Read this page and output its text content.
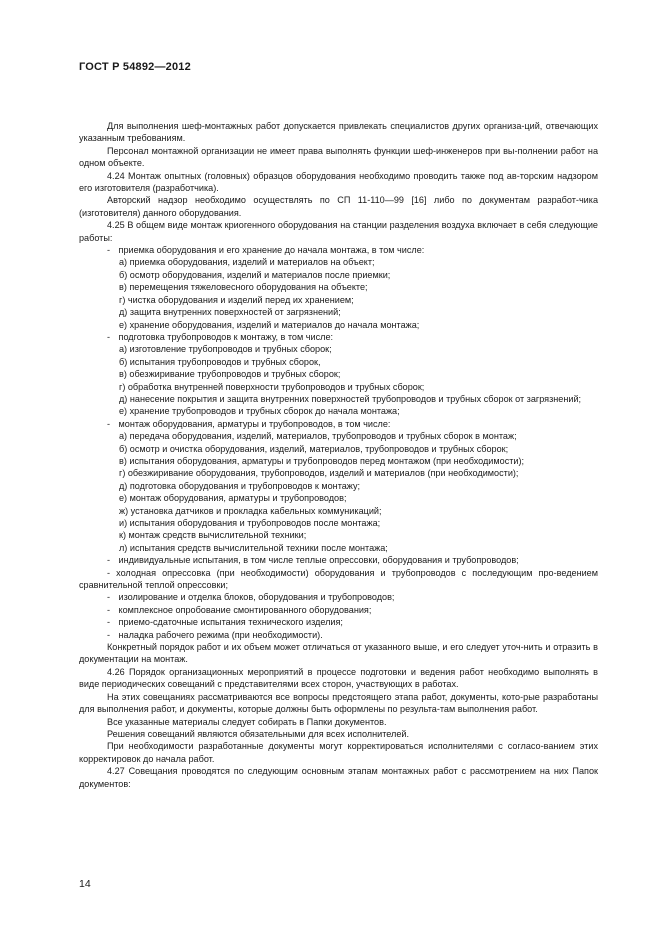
ГОСТ Р 54892—2012

Для выполнения шеф-монтажных работ допускается привлекать специалистов других организа-ций, отвечающих указанным требованиям.

Персонал монтажной организации не имеет права выполнять функции шеф-инженеров при вы-полнении работ на одном объекте.

4.24 Монтаж опытных (головных) образцов оборудования необходимо проводить также под ав-торским надзором его изготовителя (разработчика).

Авторский надзор необходимо осуществлять по СП 11-110—99 [16] либо по документам разработ-чика (изготовителя) данного оборудования.

4.25 В общем виде монтаж криогенного оборудования на станции разделения воздуха включает в себя следующие работы:

- приемка оборудования и его хранение до начала монтажа, в том числе:

а) приемка оборудования, изделий и материалов на объект;

б) осмотр оборудования, изделий и материалов после приемки;

в) перемещения тяжеловесного оборудования на объекте;

г) чистка оборудования и изделий перед их хранением;

д) защита внутренних поверхностей от загрязнений;

е) хранение оборудования, изделий и материалов до начала монтажа;

- подготовка трубопроводов к монтажу, в том числе:

а) изготовление трубопроводов и трубных сборок;

б) испытания трубопроводов и трубных сборок,

в) обезжиривание трубопроводов и трубных сборок;

г) обработка внутренней поверхности трубопроводов и трубных сборок;

д) нанесение покрытия и защита внутренних поверхностей трубопроводов и трубных сборок от загрязнений;

е) хранение трубопроводов и трубных сборок до начала монтажа;

- монтаж оборудования, арматуры и трубопроводов, в том числе:

а) передача оборудования, изделий, материалов, трубопроводов и трубных сборок в монтаж;

б) осмотр и очистка оборудования, изделий, материалов, трубопроводов и трубных сборок;

в) испытания оборудования, арматуры и трубопроводов перед монтажом (при необходимости);

г) обезжиривание оборудования, трубопроводов, изделий и материалов (при необходимости);

д) подготовка оборудования и трубопроводов к монтажу;

е) монтаж оборудования, арматуры и трубопроводов;

ж) установка датчиков и прокладка кабельных коммуникаций;

и) испытания оборудования и трубопроводов после монтажа;

к) монтаж средств вычислительной техники;

л) испытания средств вычислительной техники после монтажа;

- индивидуальные испытания, в том числе теплые опрессовки, оборудования и трубопроводов;

- холодная опрессовка (при необходимости) оборудования и трубопроводов с последующим про-ведением сравнительной теплой опрессовки;

- изолирование и отделка блоков, оборудования и трубопроводов;

- комплексное опробование смонтированного оборудования;

- приемо-сдаточные испытания технического изделия;

- наладка рабочего режима (при необходимости).

Конкретный порядок работ и их объем может отличаться от указанного выше, и его следует уточ-нить и отразить в документации на монтаж.

4.26 Порядок организационных мероприятий в процессе подготовки и ведения работ необходимо выполнять в виде периодических совещаний с представителями всех сторон, участвующих в работах.

На этих совещаниях рассматриваются все вопросы предстоящего этапа работ, документы, кото-рые разработаны для выполнения работ, и документы, которые должны быть оформлены по результа-там выполнения работ.

Все указанные материалы следует собирать в Папки документов.

Решения совещаний являются обязательными для всех исполнителей.

При необходимости разработанные документы могут корректироваться исполнителями с согласо-ванием этих корректировок до начала работ.

4.27 Совещания проводятся по следующим основным этапам монтажных работ с рассмотрением на них Папок документов:

14
